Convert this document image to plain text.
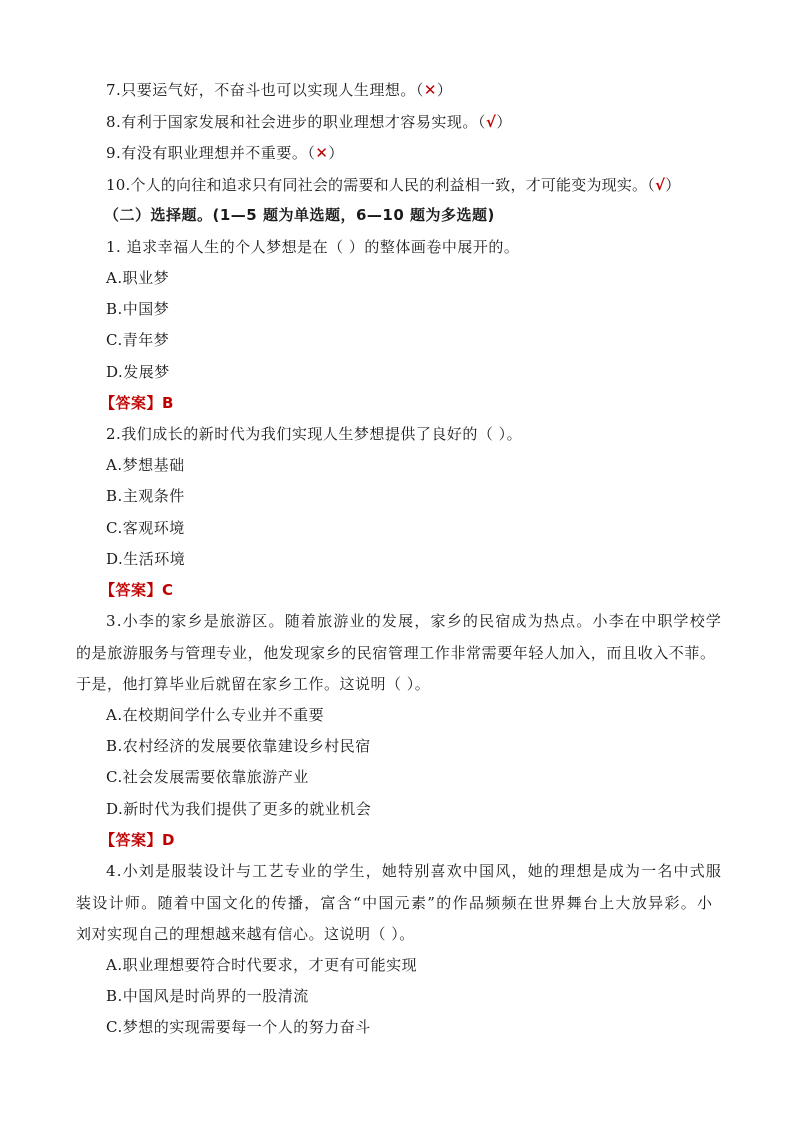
7.只要运气好，不奋斗也可以实现人生理想。（✕）
8.有利于国家发展和社会进步的职业理想才容易实现。（√）
9.有没有职业理想并不重要。（✕）
10.个人的向往和追求只有同社会的需要和人民的利益相一致，才可能变为现实。（√）
（二）选择题。(1—5 题为单选题，6—10 题为多选题)
1. 追求幸福人生的个人梦想是在（ ）的整体画卷中展开的。
A.职业梦
B.中国梦
C.青年梦
D.发展梦
【答案】B
2.我们成长的新时代为我们实现人生梦想提供了良好的（ ）。
A.梦想基础
B.主观条件
C.客观环境
D.生活环境
【答案】C
3.小李的家乡是旅游区。随着旅游业的发展，家乡的民宿成为热点。小李在中职学校学
的是旅游服务与管理专业，他发现家乡的民宿管理工作非常需要年轻人加入，而且收入不菲。
于是，他打算毕业后就留在家乡工作。这说明（ ）。
A.在校期间学什么专业并不重要
B.农村经济的发展要依靠建设乡村民宿
C.社会发展需要依靠旅游产业
D.新时代为我们提供了更多的就业机会
【答案】D
4.小刘是服装设计与工艺专业的学生，她特别喜欢中国风，她的理想是成为一名中式服
装设计师。随着中国文化的传播，富含“中国元素”的作品频频在世界舞台上大放异彩。小
刘对实现自己的理想越来越有信心。这说明（ ）。
A.职业理想要符合时代要求，才更有可能实现
B.中国风是时尚界的一股清流
C.梦想的实现需要每一个人的努力奋斗
